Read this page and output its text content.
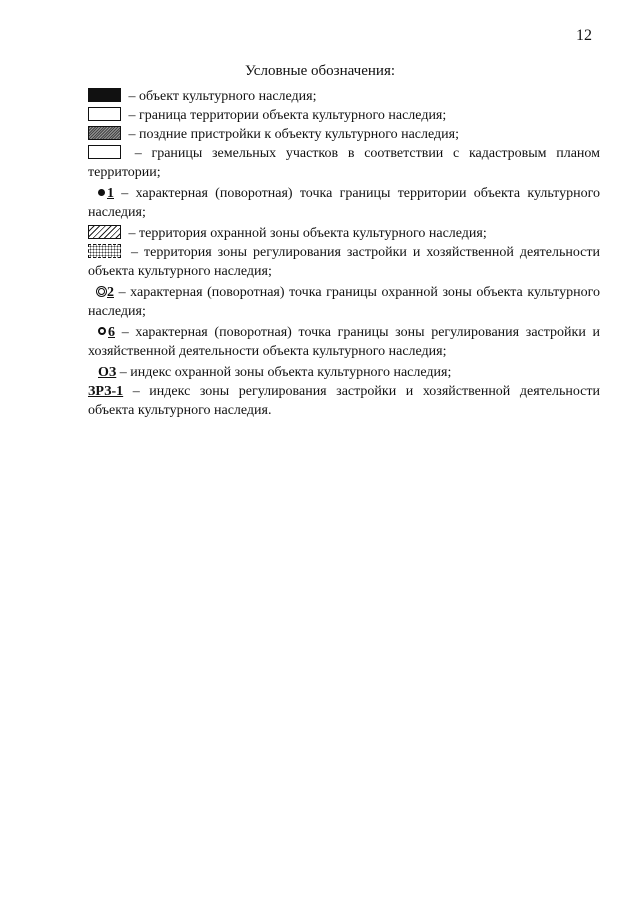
12
Условные обозначения:
– объект культурного наследия;
– граница территории объекта культурного наследия;
– поздние пристройки к объекту культурного наследия;
– границы земельных участков в соответствии с кадастровым планом территории;
1 – характерная (поворотная) точка границы территории объекта культурного наследия;
– территория охранной зоны объекта культурного наследия;
– территория зоны регулирования застройки и хозяйственной деятельности объекта культурного наследия;
2 – характерная (поворотная) точка границы охранной зоны объекта культурного наследия;
6 – характерная (поворотная) точка границы зоны регулирования застройки и хозяйственной деятельности объекта культурного наследия;
ОЗ – индекс охранной зоны объекта культурного наследия;
ЗРЗ-1 – индекс зоны регулирования застройки и хозяйственной деятельности объекта культурного наследия.
